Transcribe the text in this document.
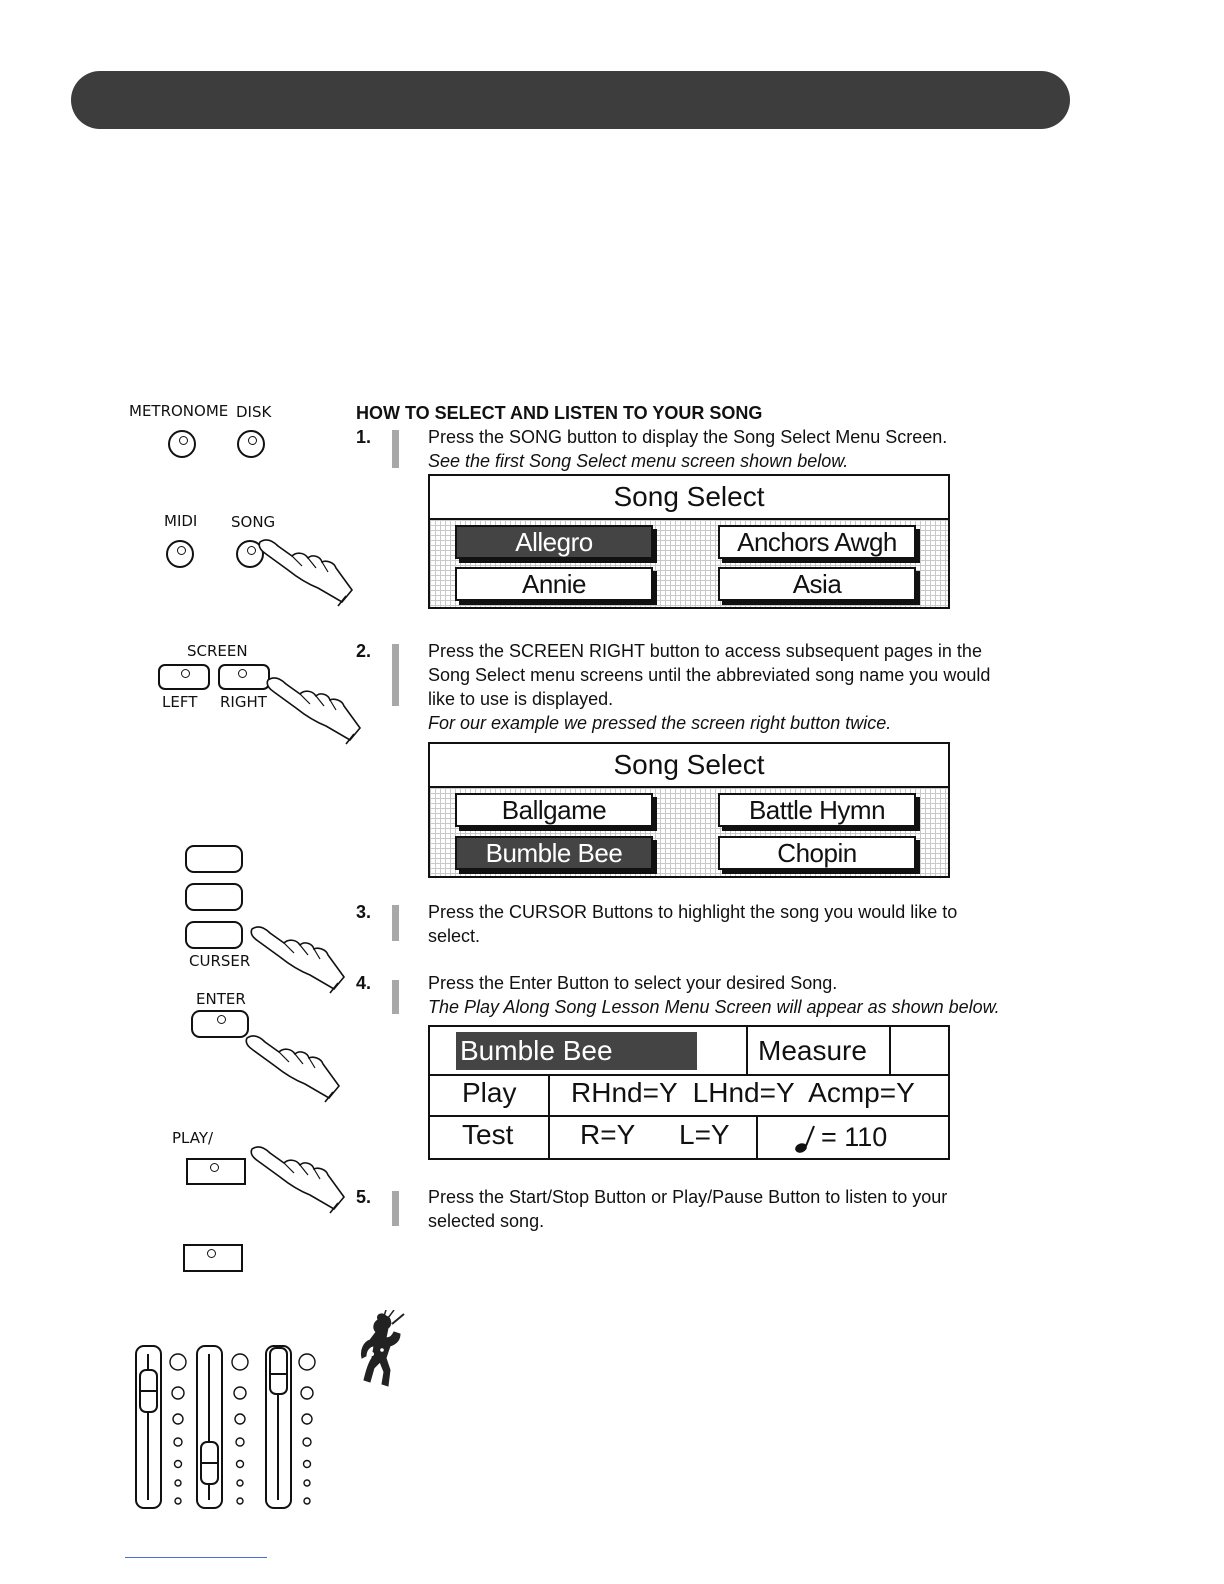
METRONOME DISK
MIDI SONG
SCREEN
LEFT RIGHT
CURSER
ENTER
PLAY/
HOW TO SELECT AND LISTEN TO YOUR SONG
1.	Press the SONG button to display the Song Select Menu Screen.
See the first Song Select menu screen shown below.
Song Select
Allegro	Anchors Awgh
Annie	Asia
2.	Press the SCREEN RIGHT button to access subsequent pages in the
Song Select menu screens until the abbreviated song name you would
like to use is displayed.
For our example we pressed the screen right button twice.
Song Select
Ballgame	Battle Hymn
Bumble Bee	Chopin
3.	Press the CURSOR Buttons to highlight the song you would like to
select.
4.	Press the Enter Button to select your desired Song.
The Play Along Song Lesson Menu Screen will appear as shown below.
Bumble Bee	Measure
Play RHnd=Y  LHnd=Y  Acmp=Y
Test R=Y L=Y	= 110
5.	Press the Start/Stop Button or Play/Pause Button to listen to your
selected song.
